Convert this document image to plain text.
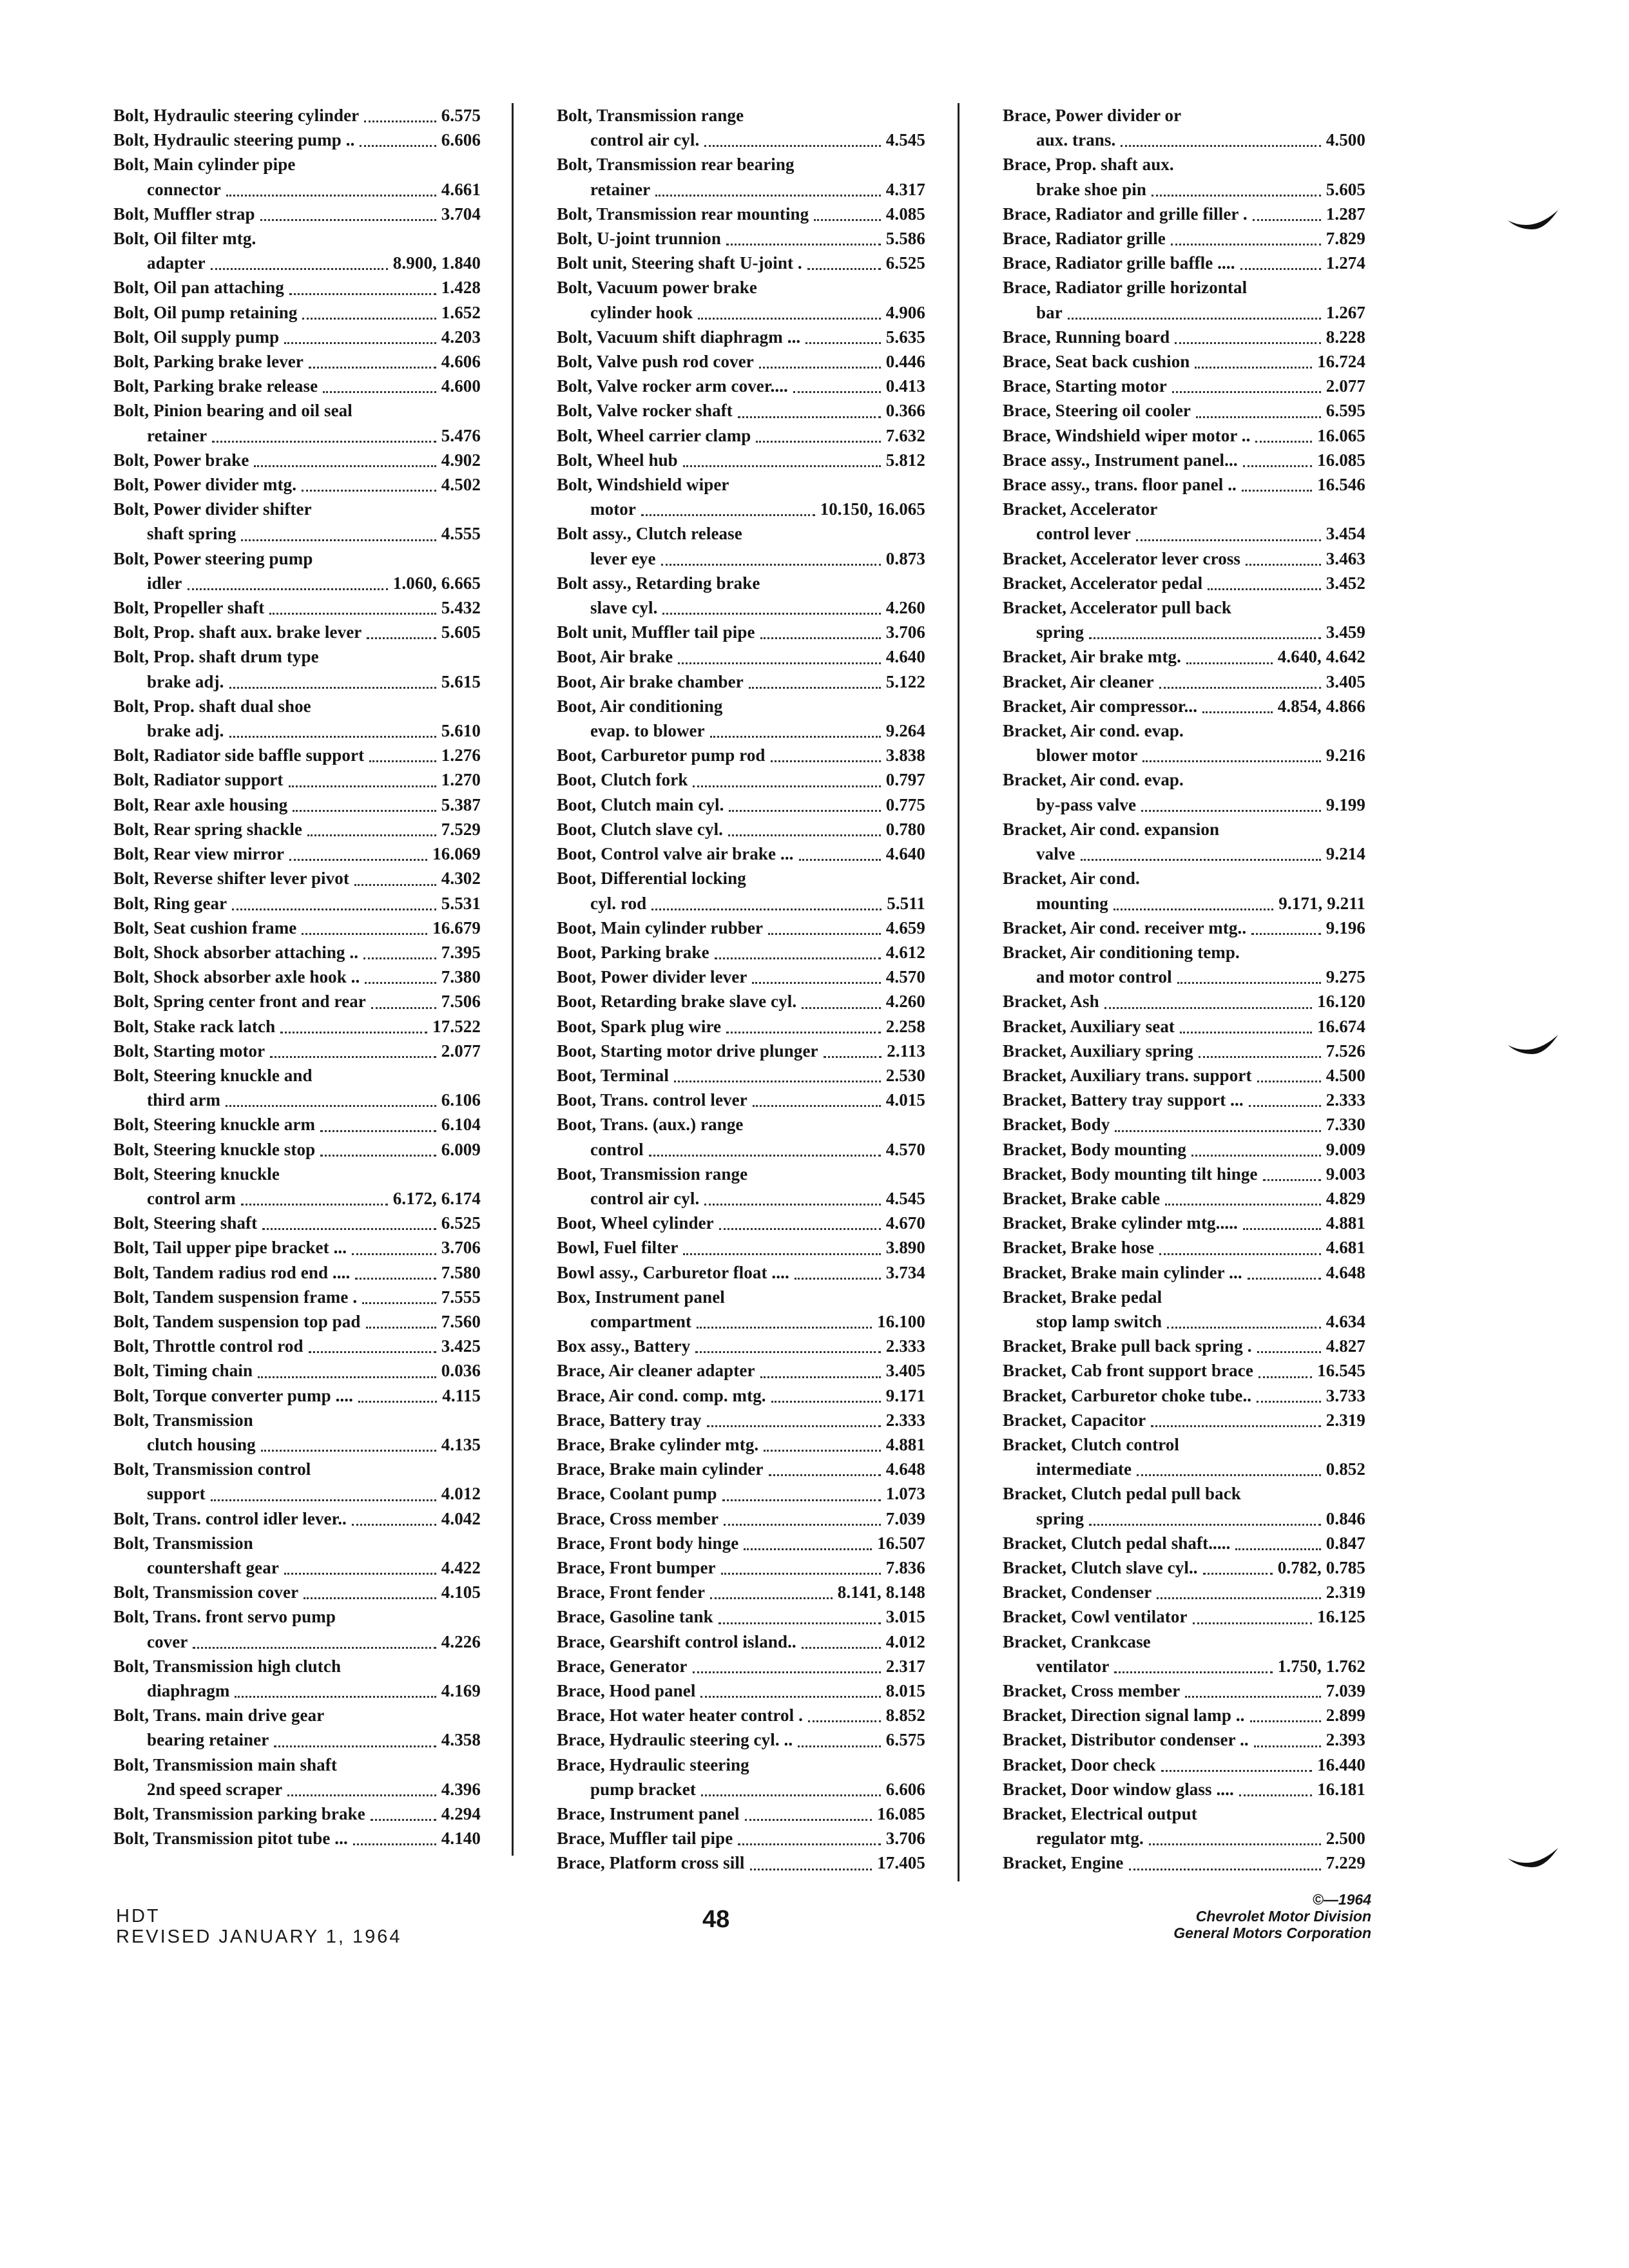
Bolt, Hydraulic steering cylinder	6.575
Bolt, Hydraulic steering pump ..	6.606
Bolt, Main cylinder pipe
connector	4.661
Bolt, Muffler strap	3.704
Bolt, Oil filter mtg.
adapter	8.900, 1.840
Bolt, Oil pan attaching	1.428
Bolt, Oil pump retaining	1.652
Bolt, Oil supply pump	4.203
Bolt, Parking brake lever	4.606
Bolt, Parking brake release	4.600
Bolt, Pinion bearing and oil seal
retainer	5.476
Bolt, Power brake	4.902
Bolt, Power divider mtg.	4.502
Bolt, Power divider shifter
shaft spring	4.555
Bolt, Power steering pump
idler	1.060, 6.665
Bolt, Propeller shaft	5.432
Bolt, Prop. shaft aux. brake lever	5.605
Bolt, Prop. shaft drum type
brake adj.	5.615
Bolt, Prop. shaft dual shoe
brake adj.	5.610
Bolt, Radiator side baffle support	1.276
Bolt, Radiator support	1.270
Bolt, Rear axle housing	5.387
Bolt, Rear spring shackle	7.529
Bolt, Rear view mirror	16.069
Bolt, Reverse shifter lever pivot	4.302
Bolt, Ring gear	5.531
Bolt, Seat cushion frame	16.679
Bolt, Shock absorber attaching ..	7.395
Bolt, Shock absorber axle hook ..	7.380
Bolt, Spring center front and rear	7.506
Bolt, Stake rack latch	17.522
Bolt, Starting motor	2.077
Bolt, Steering knuckle and
third arm	6.106
Bolt, Steering knuckle arm	6.104
Bolt, Steering knuckle stop	6.009
Bolt, Steering knuckle
control arm	6.172, 6.174
Bolt, Steering shaft	6.525
Bolt, Tail upper pipe bracket ...	3.706
Bolt, Tandem radius rod end ....	7.580
Bolt, Tandem suspension frame .	7.555
Bolt, Tandem suspension top pad	7.560
Bolt, Throttle control rod	3.425
Bolt, Timing chain	0.036
Bolt, Torque converter pump ....	4.115
Bolt, Transmission
clutch housing	4.135
Bolt, Transmission control
support	4.012
Bolt, Trans. control idler lever..	4.042
Bolt, Transmission
countershaft gear	4.422
Bolt, Transmission cover	4.105
Bolt, Trans. front servo pump
cover	4.226
Bolt, Transmission high clutch
diaphragm	4.169
Bolt, Trans. main drive gear
bearing retainer	4.358
Bolt, Transmission main shaft
2nd speed scraper	4.396
Bolt, Transmission parking brake	4.294
Bolt, Transmission pitot tube ...	4.140
Bolt, Transmission range
control air cyl.	4.545
Bolt, Transmission rear bearing
retainer	4.317
Bolt, Transmission rear mounting	4.085
Bolt, U-joint trunnion	5.586
Bolt unit, Steering shaft U-joint .	6.525
Bolt, Vacuum power brake
cylinder hook	4.906
Bolt, Vacuum shift diaphragm ...	5.635
Bolt, Valve push rod cover	0.446
Bolt, Valve rocker arm cover....	0.413
Bolt, Valve rocker shaft	0.366
Bolt, Wheel carrier clamp	7.632
Bolt, Wheel hub	5.812
Bolt, Windshield wiper
motor	10.150, 16.065
Bolt assy., Clutch release
lever eye	0.873
Bolt assy., Retarding brake
slave cyl.	4.260
Bolt unit, Muffler tail pipe	3.706
Boot, Air brake	4.640
Boot, Air brake chamber	5.122
Boot, Air conditioning
evap. to blower	9.264
Boot, Carburetor pump rod	3.838
Boot, Clutch fork	0.797
Boot, Clutch main cyl.	0.775
Boot, Clutch slave cyl.	0.780
Boot, Control valve air brake ...	4.640
Boot, Differential locking
cyl. rod	5.511
Boot, Main cylinder rubber	4.659
Boot, Parking brake	4.612
Boot, Power divider lever	4.570
Boot, Retarding brake slave cyl.	4.260
Boot, Spark plug wire	2.258
Boot, Starting motor drive plunger	2.113
Boot, Terminal	2.530
Boot, Trans. control lever	4.015
Boot, Trans. (aux.) range
control	4.570
Boot, Transmission range
control air cyl.	4.545
Boot, Wheel cylinder	4.670
Bowl, Fuel filter	3.890
Bowl assy., Carburetor float ....	3.734
Box, Instrument panel
compartment	16.100
Box assy., Battery	2.333
Brace, Air cleaner adapter	3.405
Brace, Air cond. comp. mtg.	9.171
Brace, Battery tray	2.333
Brace, Brake cylinder mtg.	4.881
Brace, Brake main cylinder	4.648
Brace, Coolant pump	1.073
Brace, Cross member	7.039
Brace, Front body hinge	16.507
Brace, Front bumper	7.836
Brace, Front fender	8.141, 8.148
Brace, Gasoline tank	3.015
Brace, Gearshift control island..	4.012
Brace, Generator	2.317
Brace, Hood panel	8.015
Brace, Hot water heater control .	8.852
Brace, Hydraulic steering cyl. ..	6.575
Brace, Hydraulic steering
pump bracket	6.606
Brace, Instrument panel	16.085
Brace, Muffler tail pipe	3.706
Brace, Platform cross sill	17.405
Brace, Power divider or
aux. trans.	4.500
Brace, Prop. shaft aux.
brake shoe pin	5.605
Brace, Radiator and grille filler .	1.287
Brace, Radiator grille	7.829
Brace, Radiator grille baffle ....	1.274
Brace, Radiator grille horizontal
bar	1.267
Brace, Running board	8.228
Brace, Seat back cushion	16.724
Brace, Starting motor	2.077
Brace, Steering oil cooler	6.595
Brace, Windshield wiper motor ..	16.065
Brace assy., Instrument panel...	16.085
Brace assy., trans. floor panel ..	16.546
Bracket, Accelerator
control lever	3.454
Bracket, Accelerator lever cross	3.463
Bracket, Accelerator pedal	3.452
Bracket, Accelerator pull back
spring	3.459
Bracket, Air brake mtg.	4.640, 4.642
Bracket, Air cleaner	3.405
Bracket, Air compressor...	4.854, 4.866
Bracket, Air cond. evap.
blower motor	9.216
Bracket, Air cond. evap.
by-pass valve	9.199
Bracket, Air cond. expansion
valve	9.214
Bracket, Air cond.
mounting	9.171, 9.211
Bracket, Air cond. receiver mtg..	9.196
Bracket, Air conditioning temp.
and motor control	9.275
Bracket, Ash	16.120
Bracket, Auxiliary seat	16.674
Bracket, Auxiliary spring	7.526
Bracket, Auxiliary trans. support	4.500
Bracket, Battery tray support ...	2.333
Bracket, Body	7.330
Bracket, Body mounting	9.009
Bracket, Body mounting tilt hinge	9.003
Bracket, Brake cable	4.829
Bracket, Brake cylinder mtg.....	4.881
Bracket, Brake hose	4.681
Bracket, Brake main cylinder ...	4.648
Bracket, Brake pedal
stop lamp switch	4.634
Bracket, Brake pull back spring .	4.827
Bracket, Cab front support brace	16.545
Bracket, Carburetor choke tube..	3.733
Bracket, Capacitor	2.319
Bracket, Clutch control
intermediate	0.852
Bracket, Clutch pedal pull back
spring	0.846
Bracket, Clutch pedal shaft.....	0.847
Bracket, Clutch slave cyl..	0.782, 0.785
Bracket, Condenser	2.319
Bracket, Cowl ventilator	16.125
Bracket, Crankcase
ventilator	1.750, 1.762
Bracket, Cross member	7.039
Bracket, Direction signal lamp ..	2.899
Bracket, Distributor condenser ..	2.393
Bracket, Door check	16.440
Bracket, Door window glass ....	16.181
Bracket, Electrical output
regulator mtg.	2.500
Bracket, Engine	7.229
HDT
REVISED JANUARY 1, 1964
48
©—1964
Chevrolet Motor Division
General Motors Corporation
